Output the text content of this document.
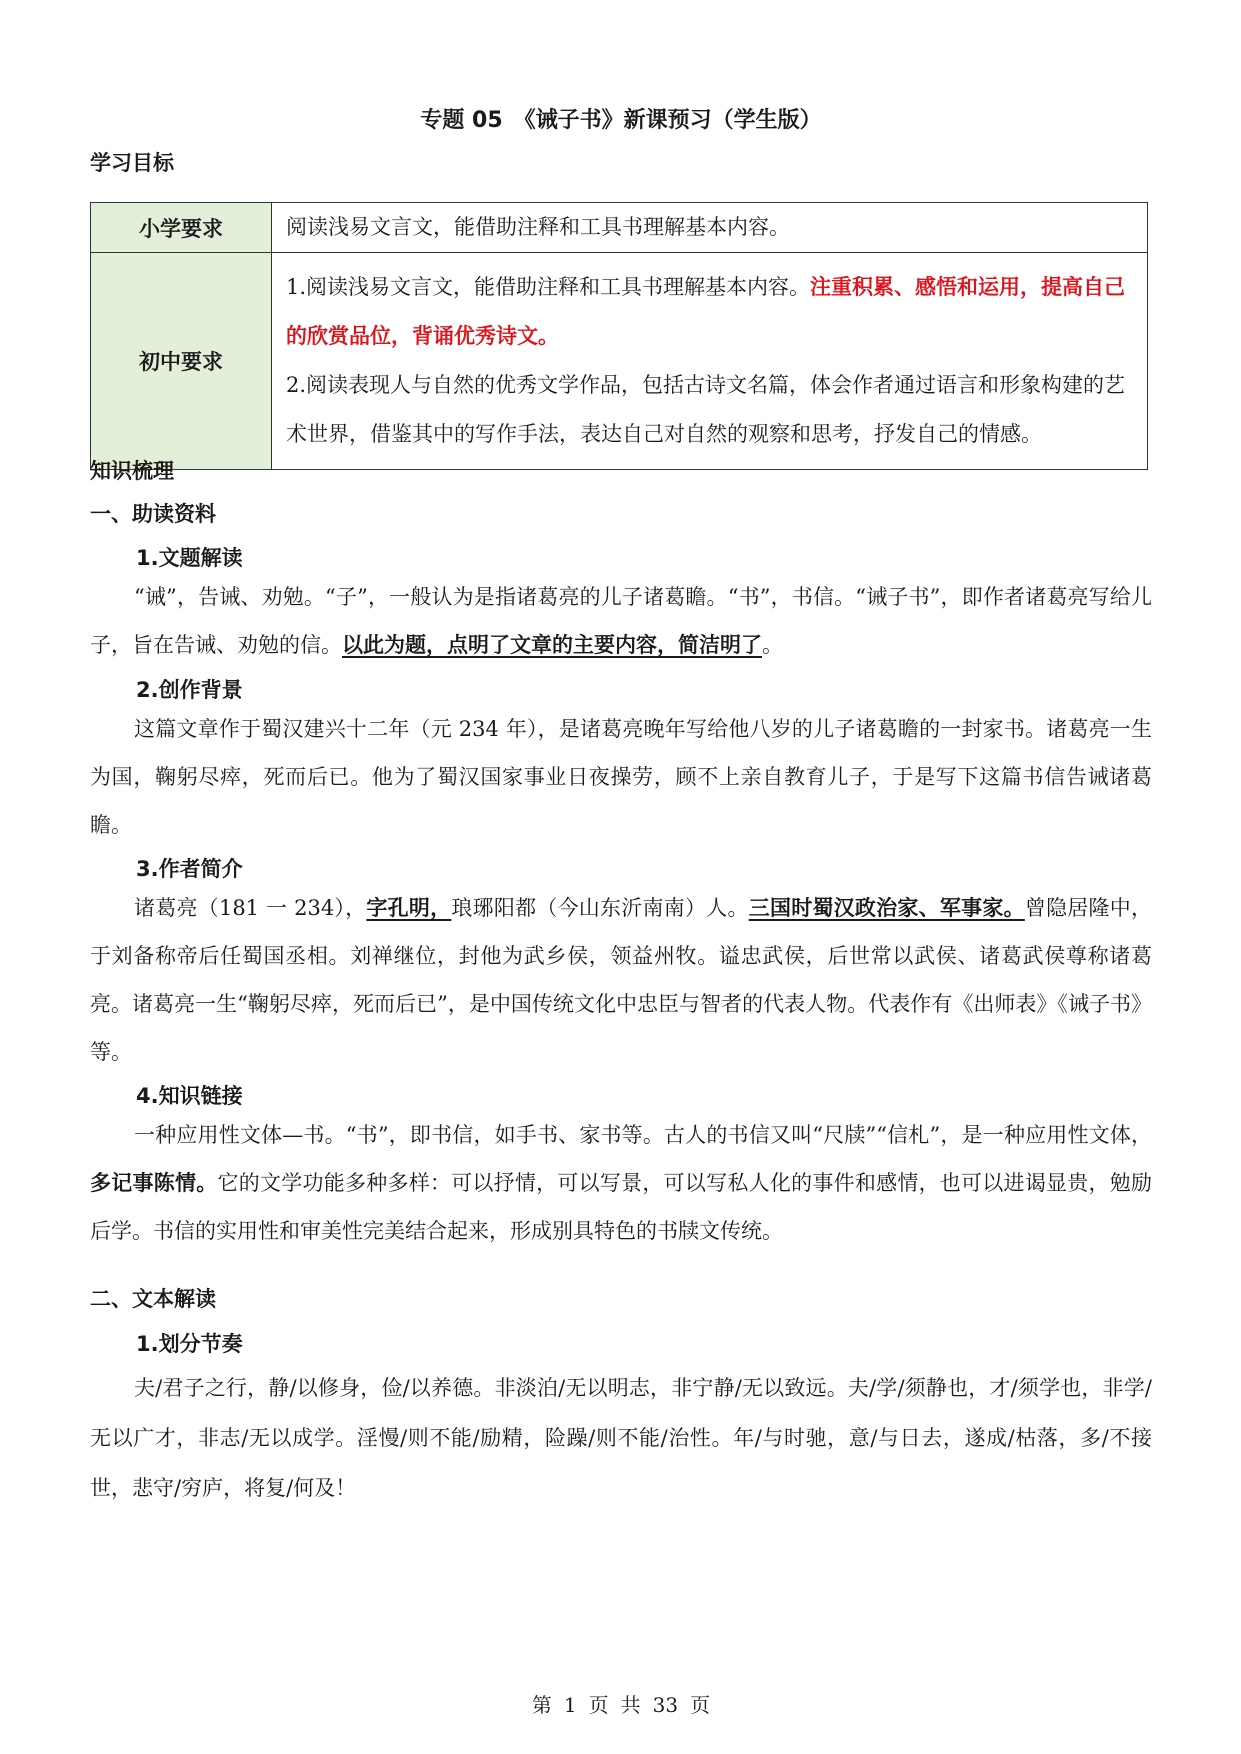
专题 05　《诫子书》新课预习（学生版）
学习目标
小学要求	阅读浅易文言文，能借助注释和工具书理解基本内容。
初中要求	1.阅读浅易文言文，能借助注释和工具书理解基本内容。注重积累、感悟和运用，提高自己的欣赏品位，背诵优秀诗文。
2.阅读表现人与自然的优秀文学作品，包括古诗文名篇，体会作者通过语言和形象构建的艺术世界，借鉴其中的写作手法，表达自己对自然的观察和思考，抒发自己的情感。
知识梳理
一、助读资料
1.文题解读
“诫”，告诫、劝勉。“子”，一般认为是指诸葛亮的儿子诸葛瞻。“书”，书信。“诫子书”，即作者诸葛亮写给儿子，旨在告诫、劝勉的信。以此为题，点明了文章的主要内容，简洁明了。
2.创作背景
这篇文章作于蜀汉建兴十二年（元 234 年），是诸葛亮晚年写给他八岁的儿子诸葛瞻的一封家书。诸葛亮一生为国，鞠躬尽瘁，死而后已。他为了蜀汉国家事业日夜操劳，顾不上亲自教育儿子，于是写下这篇书信告诫诸葛瞻。
3.作者简介
诸葛亮（181 一 234），字孔明，琅琊阳都（今山东沂南南）人。三国时蜀汉政治家、军事家。曾隐居隆中，于刘备称帝后任蜀国丞相。刘禅继位，封他为武乡侯，领益州牧。谥忠武侯，后世常以武侯、诸葛武侯尊称诸葛亮。诸葛亮一生“鞠躬尽瘁，死而后已”，是中国传统文化中忠臣与智者的代表人物。代表作有《出师表》《诫子书》等。
4.知识链接
一种应用性文体—书。“书”，即书信，如手书、家书等。古人的书信又叫“尺牍”“信札”，是一种应用性文体，多记事陈情。它的文学功能多种多样：可以抒情，可以写景，可以写私人化的事件和感情，也可以进谒显贵，勉励后学。书信的实用性和审美性完美结合起来，形成别具特色的书牍文传统。
二、文本解读
1.划分节奏
夫/君子之行，静/以修身，俭/以养德。非淡泊/无以明志，非宁静/无以致远。夫/学/须静也，才/须学也，非学/无以广才，非志/无以成学。淫慢/则不能/励精，险躁/则不能/治性。年/与时驰，意/与日去，遂成/枯落，多/不接世，悲守/穷庐，将复/何及！
第 1 页 共 33 页
